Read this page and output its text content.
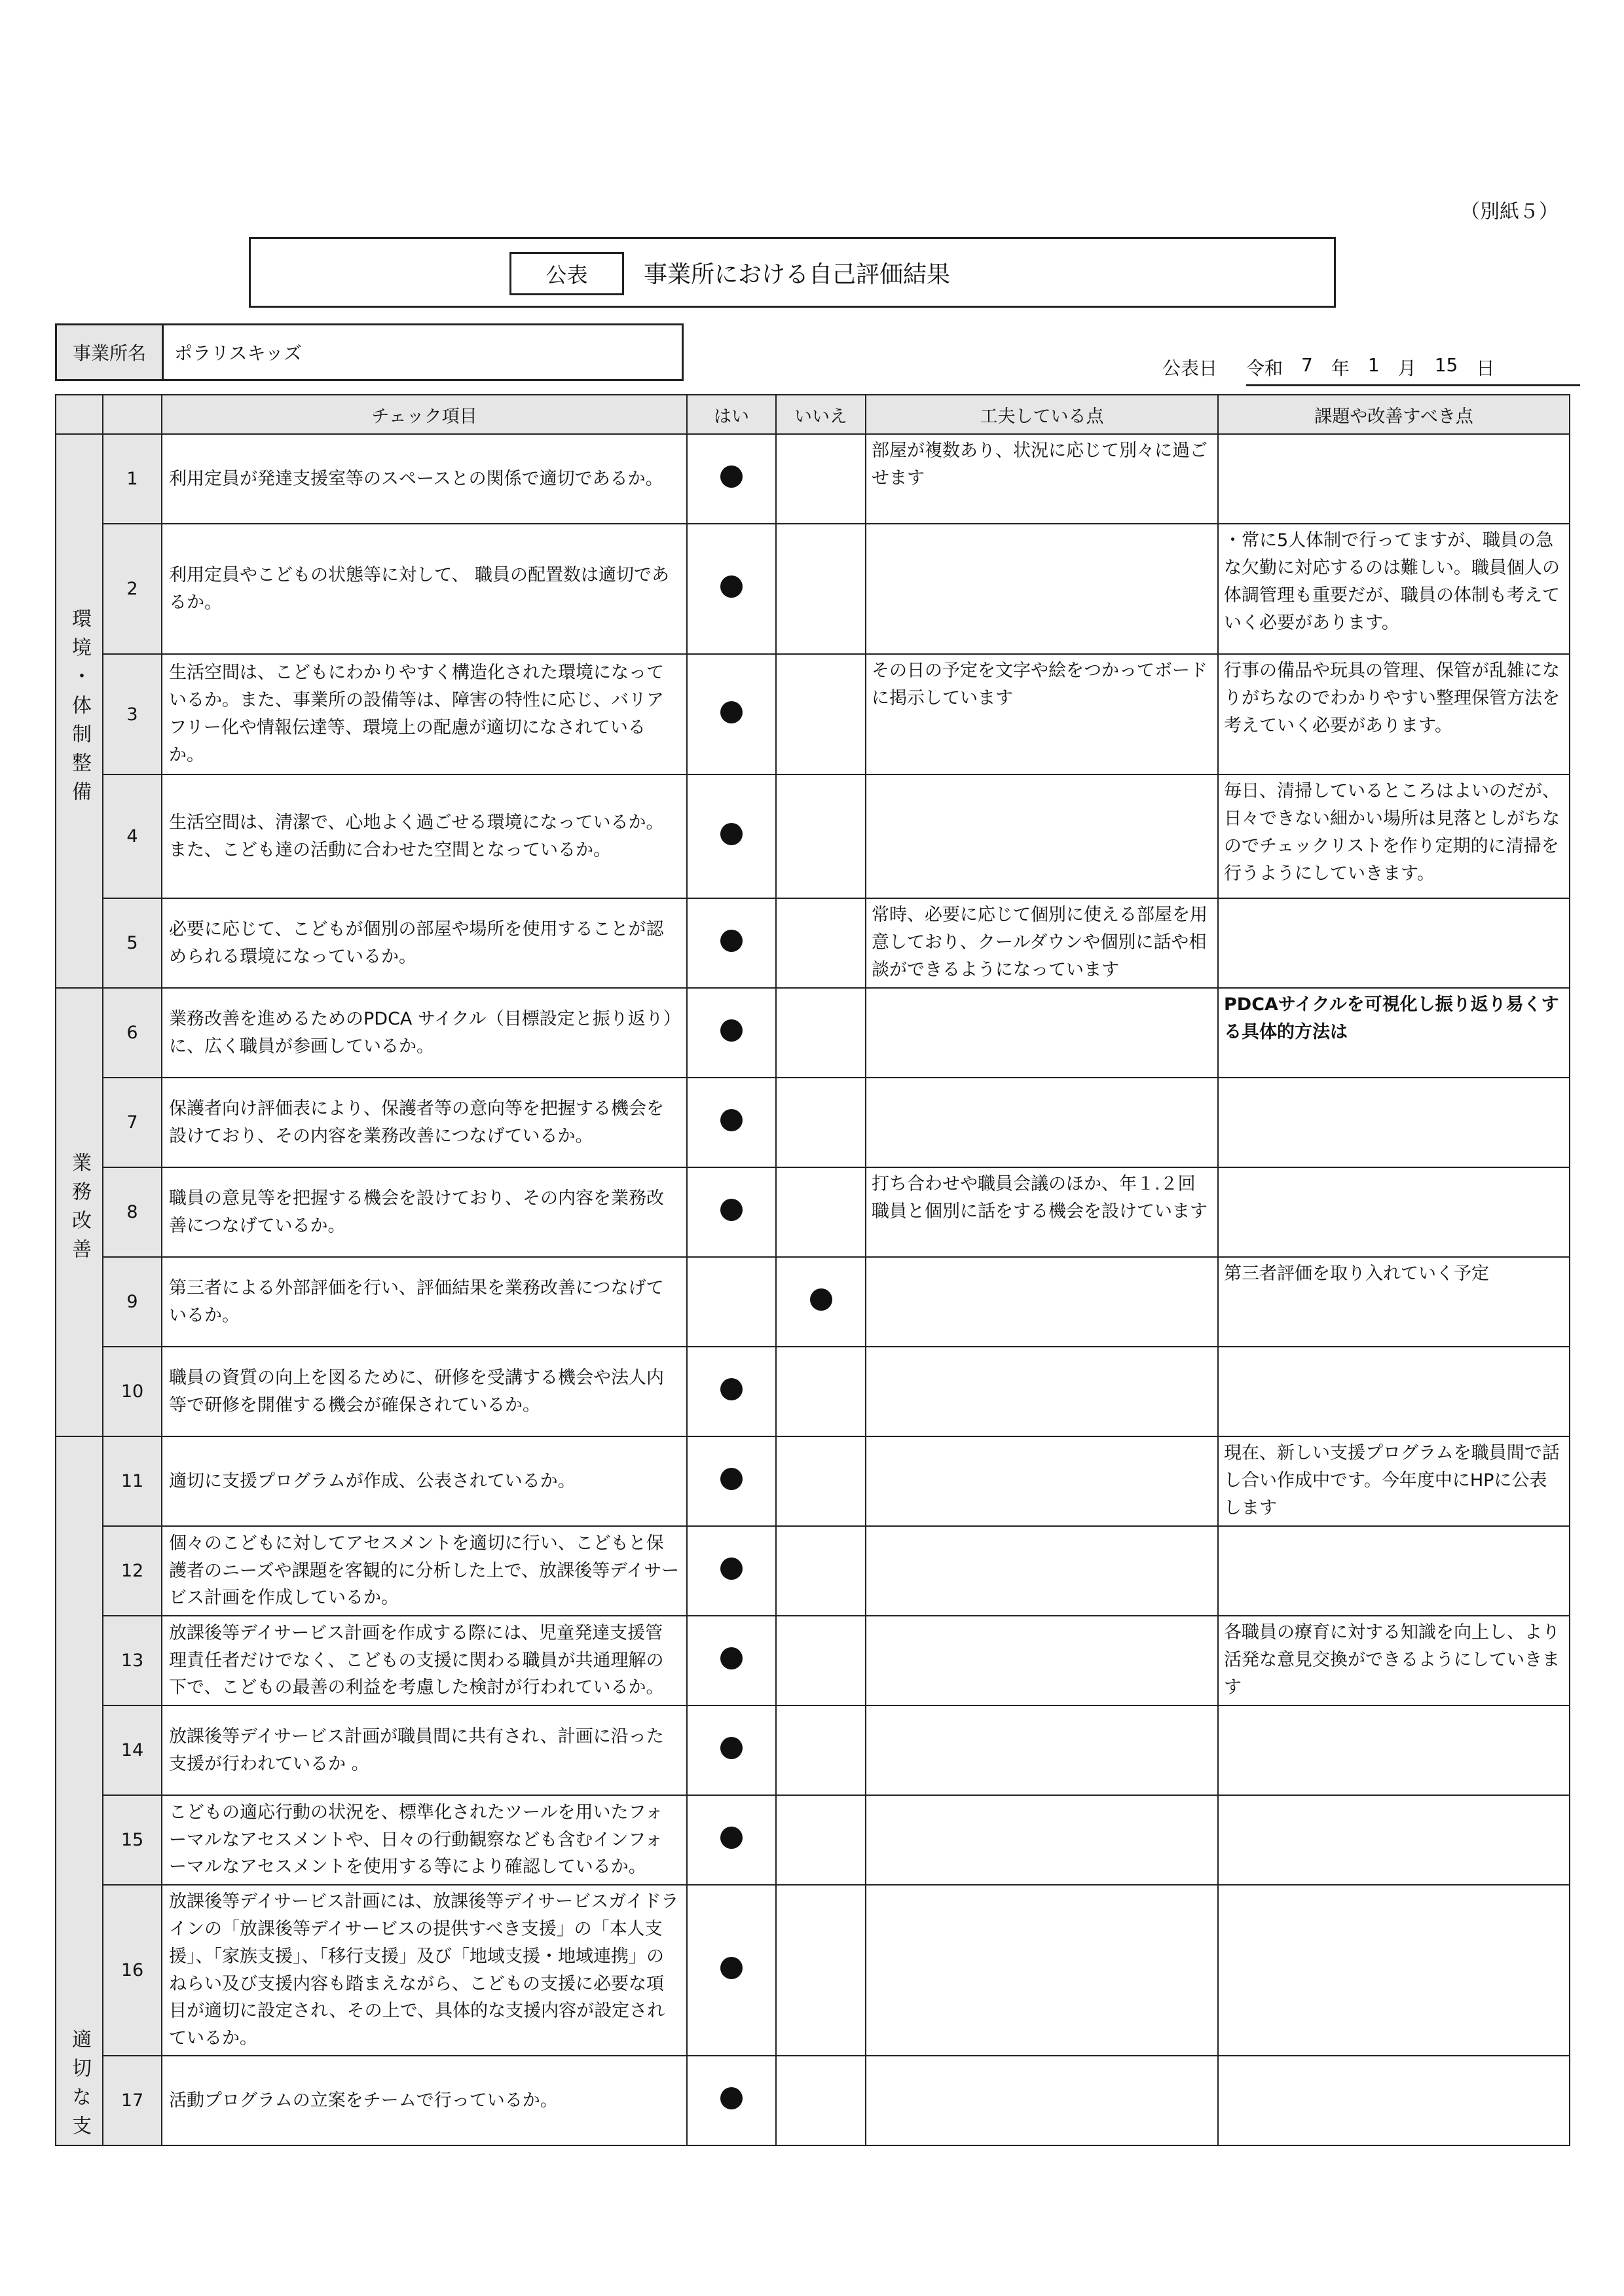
（別紙５）
公表	事業所における自己評価結果
事業所名	ポラリスキッズ
公表日 令和 7 年 1 月 15 日
		チェック項目	はい	いいえ	工夫している点	課題や改善すべき点
環境・体制整備	1	利用定員が発達支援室等のスペースとの関係で適切であるか。			部屋が複数あり、状況に応じて別々に過ごせます	
	2	利用定員やこどもの状態等に対して、 職員の配置数は適切であるか。				・常に5人体制で行ってますが、職員の急な欠勤に対応するのは難しい。職員個人の体調管理も重要だが、職員の体制も考えていく必要があります。
	3	生活空間は、こどもにわかりやすく構造化された環境になっているか。また、事業所の設備等は、障害の特性に応じ、バリアフリー化や情報伝達等、環境上の配慮が適切になされているか。			その日の予定を文字や絵をつかってボードに掲示しています	行事の備品や玩具の管理、保管が乱雑になりがちなのでわかりやすい整理保管方法を考えていく必要があります。
	4	生活空間は、清潔で、心地よく過ごせる環境になっているか。また、こども達の活動に合わせた空間となっているか。				毎日、清掃しているところはよいのだが、日々できない細かい場所は見落としがちなのでチェックリストを作り定期的に清掃を行うようにしていきます。
	5	必要に応じて、こどもが個別の部屋や場所を使用することが認められる環境になっているか。			常時、必要に応じて個別に使える部屋を用意しており、クールダウンや個別に話や相談ができるようになっています	
業務改善	6	業務改善を進めるためのPDCA サイクル（目標設定と振り返り）に、広く職員が参画しているか。				PDCAサイクルを可視化し振り返り易くする具体的方法は
	7	保護者向け評価表により、保護者等の意向等を把握する機会を設けており、その内容を業務改善につなげているか。				
	8	職員の意見等を把握する機会を設けており、その内容を業務改善につなげているか。			打ち合わせや職員会議のほか、年１.２回職員と個別に話をする機会を設けています	
	9	第三者による外部評価を行い、評価結果を業務改善につなげているか。				第三者評価を取り入れていく予定
	10	職員の資質の向上を図るために、研修を受講する機会や法人内等で研修を開催する機会が確保されているか。				
適切な支	11	適切に支援プログラムが作成、公表されているか。				現在、新しい支援プログラムを職員間で話し合い作成中です。今年度中にHPに公表します
	12	個々のこどもに対してアセスメントを適切に行い、こどもと保護者のニーズや課題を客観的に分析した上で、放課後等デイサービス計画を作成しているか。				
	13	放課後等デイサービス計画を作成する際には、児童発達支援管理責任者だけでなく、こどもの支援に関わる職員が共通理解の下で、こどもの最善の利益を考慮した検討が行われているか。				各職員の療育に対する知識を向上し、より活発な意見交換ができるようにしていきます
	14	放課後等デイサービス計画が職員間に共有され、計画に沿った支援が行われているか 。				
	15	こどもの適応行動の状況を、標準化されたツールを用いたフォーマルなアセスメントや、日々の行動観察なども含むインフォーマルなアセスメントを使用する等により確認しているか。				
	16	放課後等デイサービス計画には、放課後等デイサービスガイドラインの「放課後等デイサービスの提供すべき支援」の「本人支援」、「家族支援」、「移行支援」及び「地域支援・地域連携」のねらい及び支援内容も踏まえながら、こどもの支援に必要な項目が適切に設定され、その上で、具体的な支援内容が設定されているか。				
	17	活動プログラムの立案をチームで行っているか。				
